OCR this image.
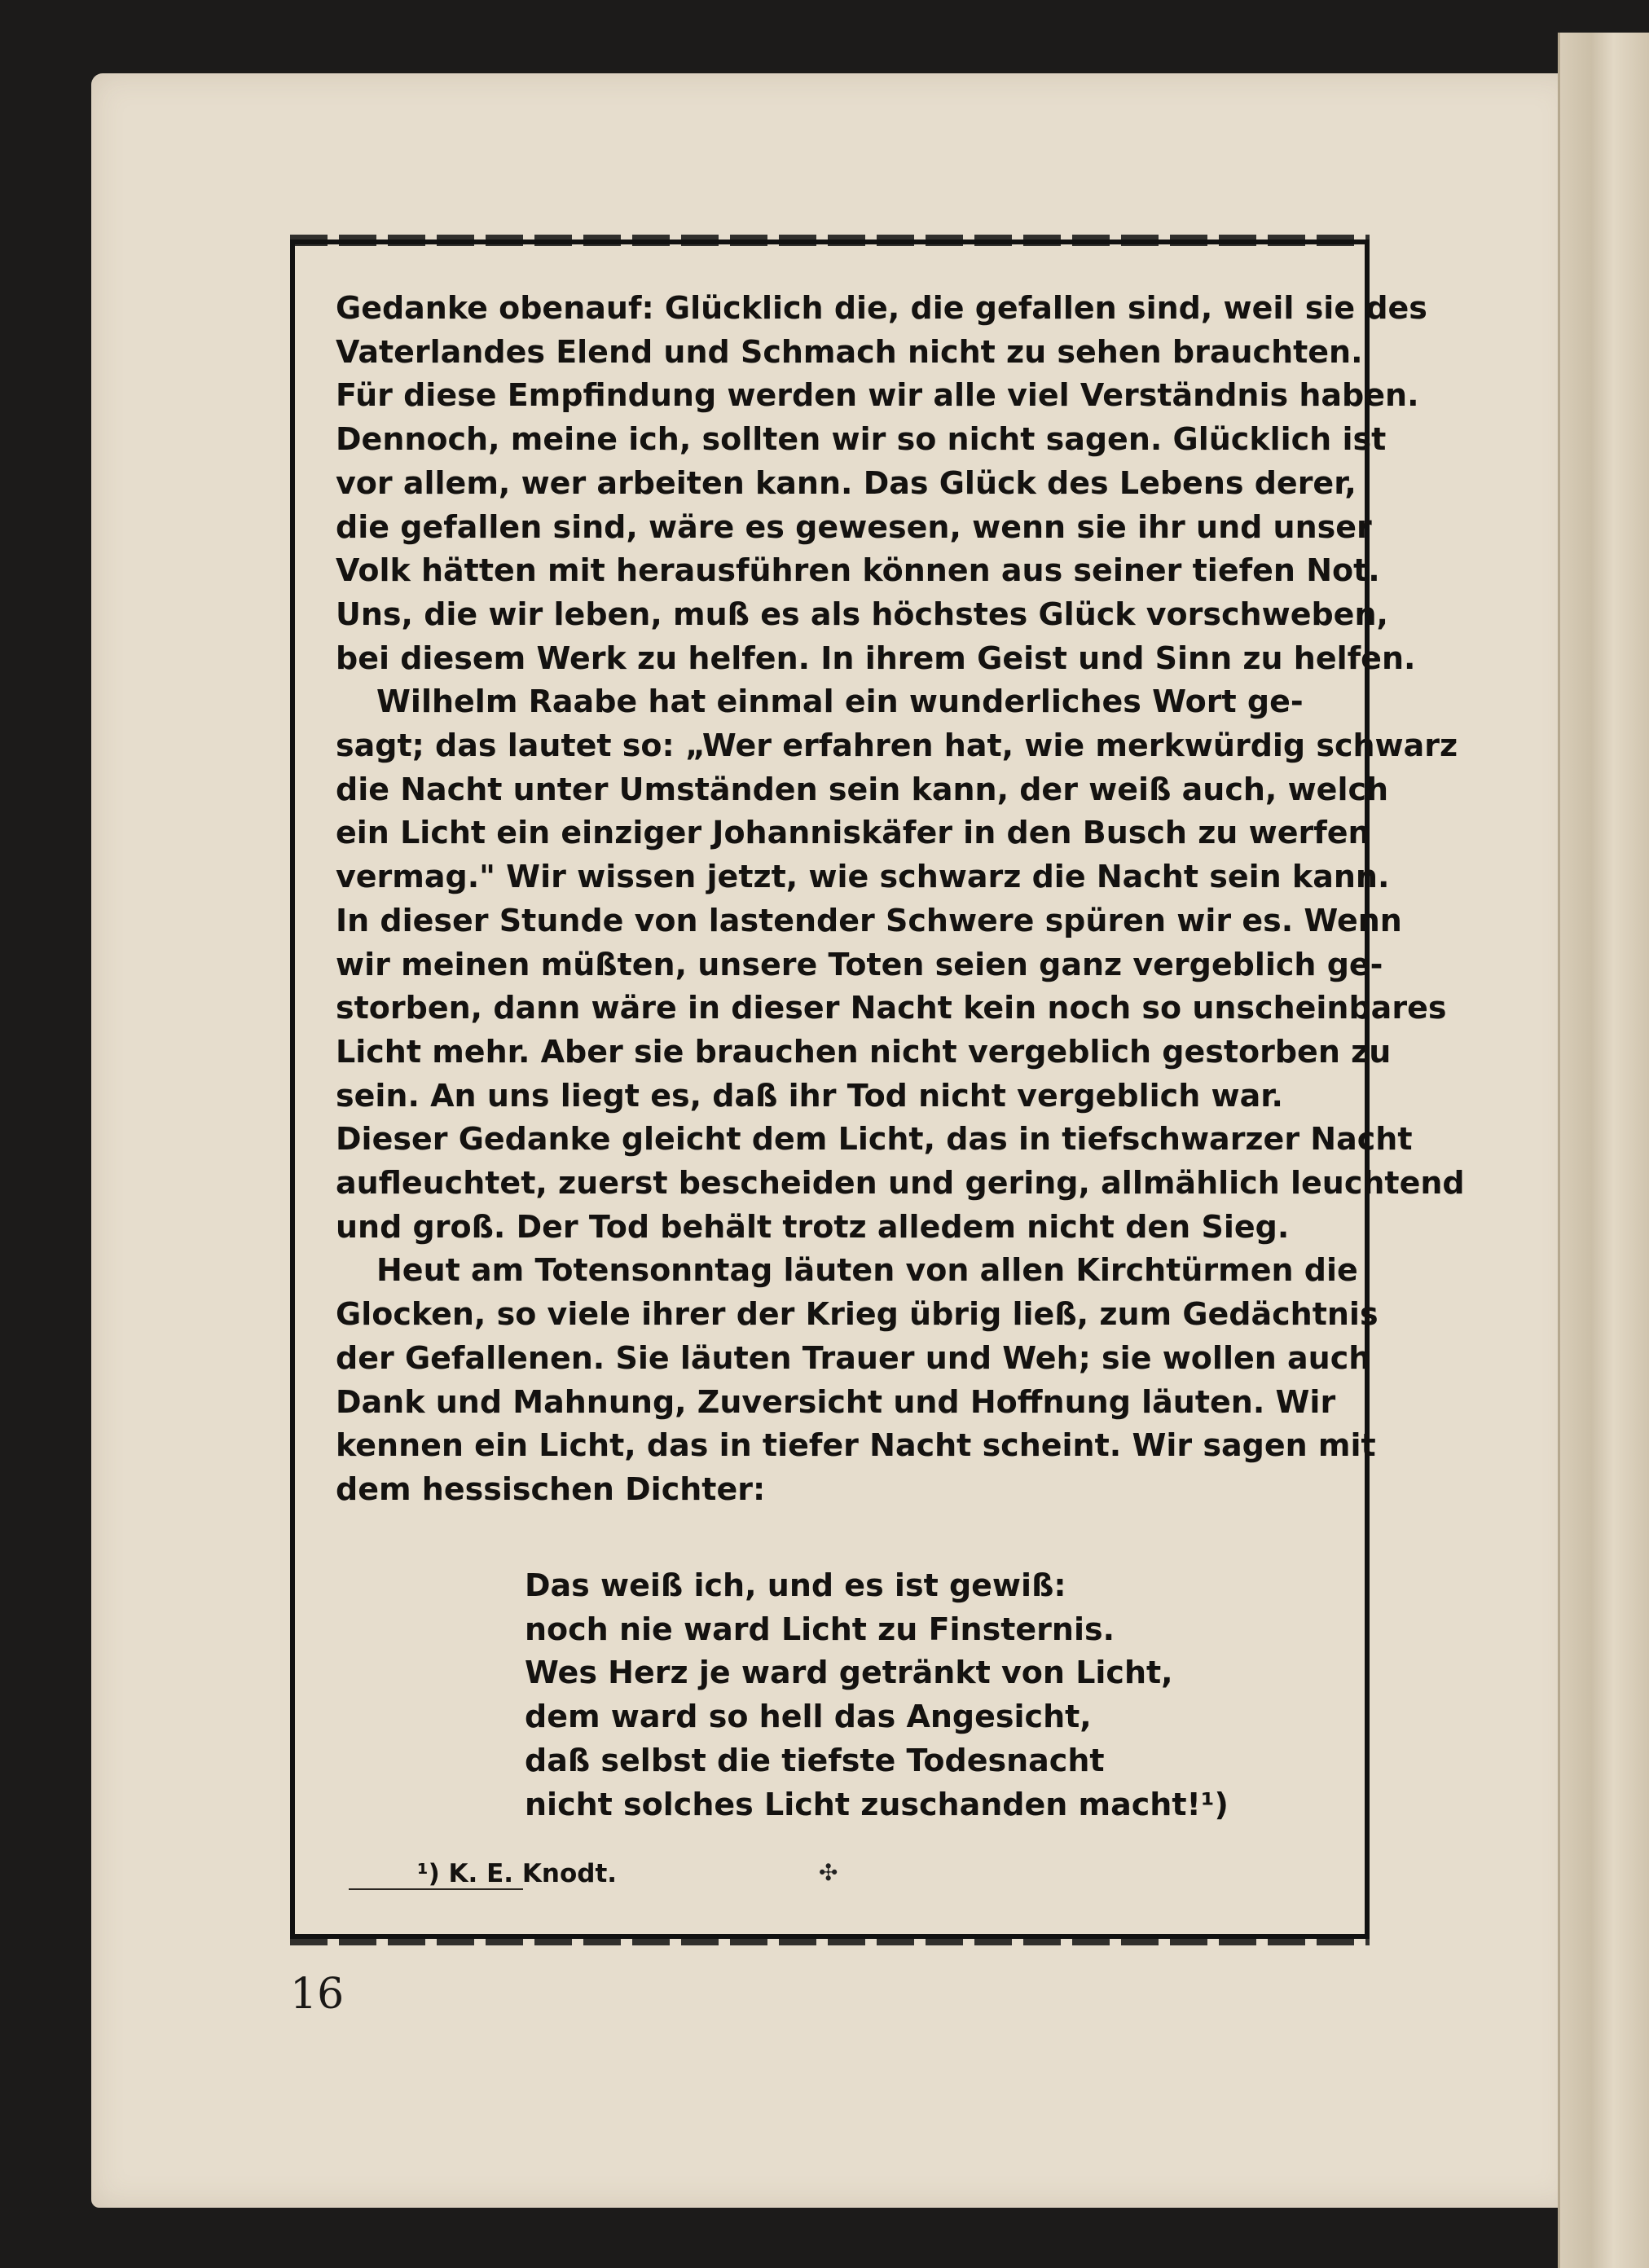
Gedanke obenauf: Glücklich die, die gefallen sind, weil sie des
Vaterlandes Elend und Schmach nicht zu sehen brauchten.
Für diese Empfindung werden wir alle viel Verständnis haben.
Dennoch, meine ich, sollten wir so nicht sagen. Glücklich ist
vor allem, wer arbeiten kann. Das Glück des Lebens derer,
die gefallen sind, wäre es gewesen, wenn sie ihr und unser
Volk hätten mit herausführen können aus seiner tiefen Not.
Uns, die wir leben, muß es als höchstes Glück vorschweben,
bei diesem Werk zu helfen. In ihrem Geist und Sinn zu helfen.
Wilhelm Raabe hat einmal ein wunderliches Wort ge-
sagt; das lautet so: „Wer erfahren hat, wie merkwürdig schwarz
die Nacht unter Umständen sein kann, der weiß auch, welch
ein Licht ein einziger Johanniskäfer in den Busch zu werfen
vermag." Wir wissen jetzt, wie schwarz die Nacht sein kann.
In dieser Stunde von lastender Schwere spüren wir es. Wenn
wir meinen müßten, unsere Toten seien ganz vergeblich ge-
storben, dann wäre in dieser Nacht kein noch so unscheinbares
Licht mehr. Aber sie brauchen nicht vergeblich gestorben zu
sein. An uns liegt es, daß ihr Tod nicht vergeblich war.
Dieser Gedanke gleicht dem Licht, das in tiefschwarzer Nacht
aufleuchtet, zuerst bescheiden und gering, allmählich leuchtend
und groß. Der Tod behält trotz alledem nicht den Sieg.
Heut am Totensonntag läuten von allen Kirchtürmen die
Glocken, so viele ihrer der Krieg übrig ließ, zum Gedächtnis
der Gefallenen. Sie läuten Trauer und Weh; sie wollen auch
Dank und Mahnung, Zuversicht und Hoffnung läuten. Wir
kennen ein Licht, das in tiefer Nacht scheint. Wir sagen mit
dem hessischen Dichter:
Das weiß ich, und es ist gewiß:
noch nie ward Licht zu Finsternis.
Wes Herz je ward getränkt von Licht,
dem ward so hell das Angesicht,
daß selbst die tiefste Todesnacht
nicht solches Licht zuschanden macht!¹)
¹) K. E. Knodt.	✣
16
